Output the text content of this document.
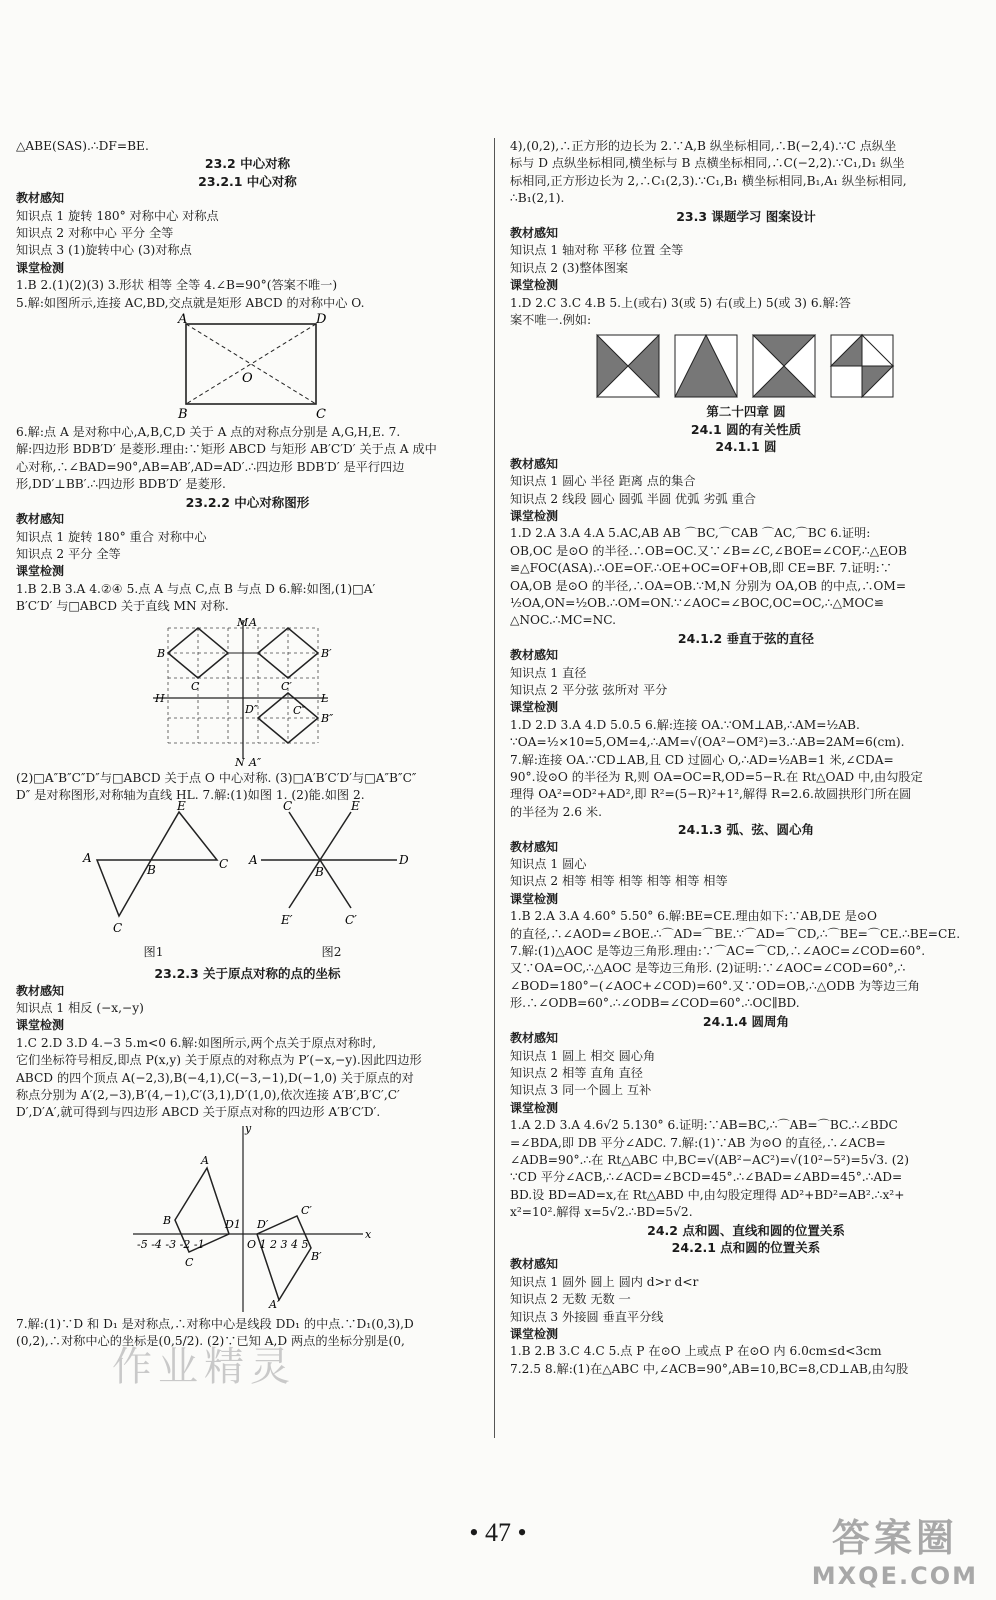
△ABE(SAS).∴DF=BE.
23.2 中心对称
23.2.1 中心对称
教材感知
知识点 1 旋转 180° 对称中心 对称点
知识点 2 对称中心 平分 全等
知识点 3 (1)旋转中心 (3)对称点
课堂检测
1.B 2.(1)(2)(3) 3.形状 相等 全等 4.∠B=90°(答案不唯一)
5.解:如图所示,连接 AC,BD,交点就是矩形 ABCD 的对称中心 O.
A	D
O
B	C
6.解:点 A 是对称中心,A,B,C,D 关于 A 点的对称点分别是 A,G,H,E. 7.
解:四边形 BDB′D′ 是菱形.理由:∵矩形 ABCD 与矩形 AB′C′D′ 关于点 A 成中
心对称,∴∠BAD=90°,AB=AB′,AD=AD′.∴四边形 BDB′D′ 是平行四边
形,DD′⊥BB′.∴四边形 BDB′D′ 是菱形.
23.2.2 中心对称图形
教材感知
知识点 1 旋转 180° 重合 对称中心
知识点 2 平分 全等
课堂检测
1.B 2.B 3.A 4.②④ 5.点 A 与点 C,点 B 与点 D 6.解:如图,(1)□A′
B′C′D′ 与□ABCD 关于直线 MN 对称.
B
C
M A
B′
C′
H	L
D″	C″
B″
N A″
(2)□A″B″C″D″与□ABCD 关于点 O 中心对称. (3)□A′B′C′D′与□A″B″C″
D″ 是对称图形,对称轴为直线 HL. 7.解:(1)如图 1. (2)能.如图 2.
A
B	C
E
C
图1
A	D
C	E
B
E′	C′
图2
23.2.3 关于原点对称的点的坐标
教材感知
知识点 1 相反 (−x,−y)
课堂检测
1.C 2.D 3.D 4.−3 5.m<0 6.解:如图所示,两个点关于原点对称时,
它们坐标符号相反,即点 P(x,y) 关于原点的对称点为 P′(−x,−y).因此四边形
ABCD 的四个顶点 A(−2,3),B(−4,1),C(−3,−1),D(−1,0) 关于原点的对
称点分别为 A′(2,−3),B′(4,−1),C′(3,1),D′(1,0),依次连接 A′B′,B′C′,C′
D′,D′A′,就可得到与四边形 ABCD 关于原点对称的四边形 A′B′C′D′.
x
y
A
B
C
D1 D′
C′
B′
A′
-5 -4 -3 -2 -1	O 1 2 3 4 5
7.解:(1)∵D 和 D₁ 是对称点,∴对称中心是线段 DD₁ 的中点.∵D₁(0,3),D
(0,2),∴对称中心的坐标是(0,5/2). (2)∵已知 A,D 两点的坐标分别是(0,
4),(0,2),∴正方形的边长为 2.∵A,B 纵坐标相同,∴B(−2,4).∵C 点纵坐
标与 D 点纵坐标相同,横坐标与 B 点横坐标相同,∴C(−2,2).∵C₁,D₁ 纵坐
标相同,正方形边长为 2,∴C₁(2,3).∵C₁,B₁ 横坐标相同,B₁,A₁ 纵坐标相同,
∴B₁(2,1).
23.3 课题学习 图案设计
教材感知
知识点 1 轴对称 平移 位置 全等
知识点 2 (3)整体图案
课堂检测
1.D 2.C 3.C 4.B 5.上(或右) 3(或 5) 右(或上) 5(或 3) 6.解:答
案不唯一.例如:
第二十四章 圆
24.1 圆的有关性质
24.1.1 圆
教材感知
知识点 1 圆心 半径 距离 点的集合
知识点 2 线段 圆心 圆弧 半圆 优弧 劣弧 重合
课堂检测
1.D 2.A 3.A 4.A 5.AC,AB AB ⌒BC,⌒CAB ⌒AC,⌒BC 6.证明:
OB,OC 是⊙O 的半径.∴OB=OC.又∵∠B=∠C,∠BOE=∠COF,∴△EOB
≌△FOC(ASA).∴OE=OF.∴OE+OC=OF+OB,即 CE=BF. 7.证明:∵
OA,OB 是⊙O 的半径,∴OA=OB.∵M,N 分别为 OA,OB 的中点,∴OM=
½OA,ON=½OB.∴OM=ON.∵∠AOC=∠BOC,OC=OC,∴△MOC≌
△NOC.∴MC=NC.
24.1.2 垂直于弦的直径
教材感知
知识点 1 直径
知识点 2 平分弦 弦所对 平分
课堂检测
1.D 2.D 3.A 4.D 5.0.5 6.解:连接 OA.∵OM⊥AB,∴AM=½AB.
∵OA=½×10=5,OM=4,∴AM=√(OA²−OM²)=3.∴AB=2AM=6(cm).
7.解:连接 OA.∵CD⊥AB,且 CD 过圆心 O,∴AD=½AB=1 米,∠CDA=
90°.设⊙O 的半径为 R,则 OA=OC=R,OD=5−R.在 Rt△OAD 中,由勾股定
理得 OA²=OD²+AD²,即 R²=(5−R)²+1²,解得 R=2.6.故圆拱形门所在圆
的半径为 2.6 米.
24.1.3 弧、弦、圆心角
教材感知
知识点 1 圆心
知识点 2 相等 相等 相等 相等 相等 相等
课堂检测
1.B 2.A 3.A 4.60° 5.50° 6.解:BE=CE.理由如下:∵AB,DE 是⊙O
的直径,∴∠AOD=∠BOE.∴⌒AD=⌒BE.∵⌒AD=⌒CD,∴⌒BE=⌒CE.∴BE=CE.
7.解:(1)△AOC 是等边三角形.理由:∵⌒AC=⌒CD,∴∠AOC=∠COD=60°.
又∵OA=OC,∴△AOC 是等边三角形. (2)证明:∵∠AOC=∠COD=60°,∴
∠BOD=180°−(∠AOC+∠COD)=60°.又∵OD=OB,∴△ODB 为等边三角
形.∴∠ODB=60°.∴∠ODB=∠COD=60°.∴OC∥BD.
24.1.4 圆周角
教材感知
知识点 1 圆上 相交 圆心角
知识点 2 相等 直角 直径
知识点 3 同一个圆上 互补
课堂检测
1.A 2.D 3.A 4.6√2 5.130° 6.证明:∵AB=BC,∴⌒AB=⌒BC.∴∠BDC
=∠BDA,即 DB 平分∠ADC. 7.解:(1)∵AB 为⊙O 的直径,∴∠ACB=
∠ADB=90°.∴在 Rt△ABC 中,BC=√(AB²−AC²)=√(10²−5²)=5√3. (2)
∵CD 平分∠ACB,∴∠ACD=∠BCD=45°.∴∠BAD=∠ABD=45°.∴AD=
BD.设 BD=AD=x,在 Rt△ABD 中,由勾股定理得 AD²+BD²=AB².∴x²+
x²=10².解得 x=5√2.∴BD=5√2.
24.2 点和圆、直线和圆的位置关系
24.2.1 点和圆的位置关系
教材感知
知识点 1 圆外 圆上 圆内 d>r d<r
知识点 2 无数 无数 一
知识点 3 外接圆 垂直平分线
课堂检测
1.B 2.B 3.C 4.C 5.点 P 在⊙O 上或点 P 在⊙O 内 6.0cm≤d<3cm
7.2.5 8.解:(1)在△ABC 中,∠ACB=90°,AB=10,BC=8,CD⊥AB,由勾股
作业精灵
• 47 •	答案圈
MXQE.COM
